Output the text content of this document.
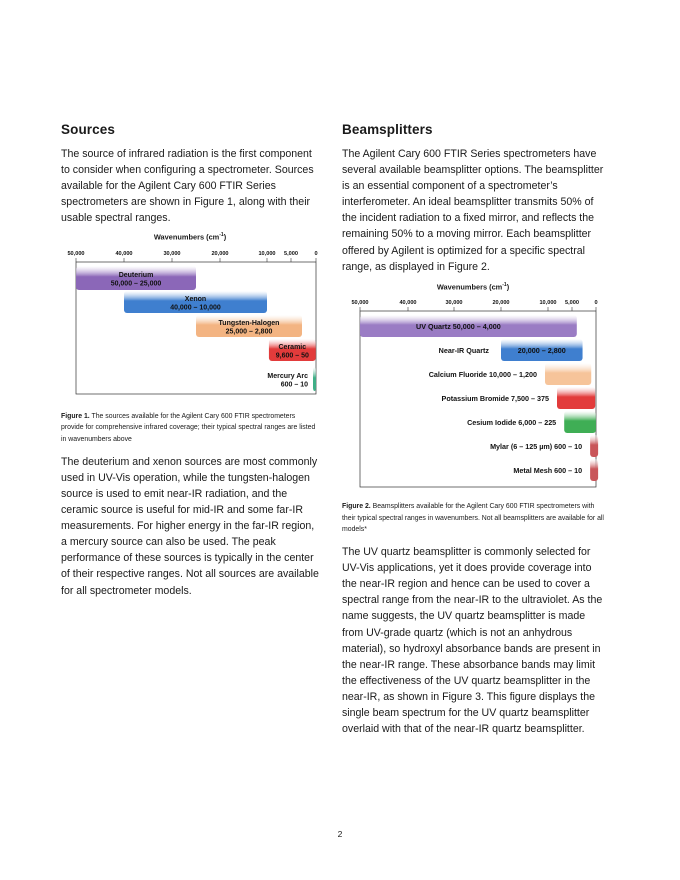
Sources

The source of infrared radiation is the first component to consider when configuring a spectrometer. Sources available for the Agilent Cary 600 FTIR Series spectrometers are shown in Figure 1, along with their usable spectral ranges.

Wavenumbers $(cm^{-1})$

50,000	40,000	30,000	20,000	10,000 5,000	0
Deuterium
50,000 – 25,000
Xenon
40,000 – 10,000
Tungsten-Halogen
25,000 – 2,800
Ceramic
9,600 – 50
Mercury Arc
600 – 10

Figure 1. The sources available for the Agilent Cary 600 FTIR spectrometers provide for comprehensive infrared coverage; their typical spectral ranges are listed in wavenumbers above

The deuterium and xenon sources are most commonly used in UV-Vis operation, while the tungsten-halogen source is used to emit near-IR radiation, and the ceramic source is useful for mid-IR and some far-IR measurements. For higher energy in the far-IR region, a mercury source can also be used. The peak performance of these sources is typically in the center of their respective ranges. Not all sources are available for all spectrometer models.

Beamsplitters

The Agilent Cary 600 FTIR Series spectrometers have several available beamsplitter options. The beamsplitter is an essential component of a spectrometer’s interferometer. An ideal beamsplitter transmits 50% of the incident radiation to a fixed mirror, and reflects the remaining 50% to a moving mirror. Each beamsplitter offered by Agilent is optimized for a specific spectral range, as displayed in Figure 2.

Wavenumbers $(cm^{-1})$

50,000	40,000	30,000	20,000	10,000 5,000	0
UV Quartz 50,000 – 4,000
Near-IR Quartz	20,000 – 2,800
Calcium Fluoride 10,000 – 1,200
Potassium Bromide 7,500 – 375
Cesium Iodide 6,000 – 225
Mylar (6 – 125 µm) 600 – 10
Metal Mesh 600 – 10

Figure 2. Beamsplitters available for the Agilent Cary 600 FTIR spectrometers with their typical spectral ranges in wavenumbers. Not all beamsplitters are available for all models*

The UV quartz beamsplitter is commonly selected for UV-Vis applications, yet it does provide coverage into the near-IR region and hence can be used to cover a spectral range from the near-IR to the ultraviolet. As the name suggests, the UV quartz beamsplitter is made from UV-grade quartz (which is not an anhydrous material), so hydroxyl absorbance bands are present in the near-IR range. These absorbance bands may limit the effectiveness of the UV quartz beamsplitter in the near-IR, as shown in Figure 3. This figure displays the single beam spectrum for the UV quartz beamsplitter overlaid with that of the near-IR quartz beamsplitter.

2
